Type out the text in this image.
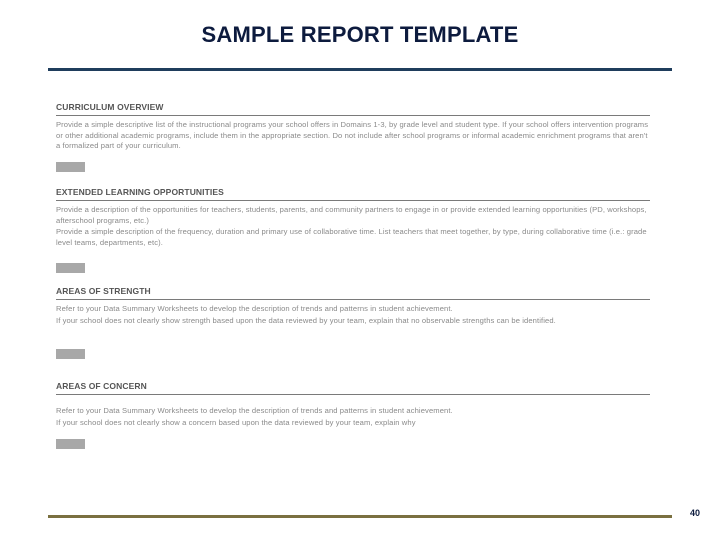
SAMPLE REPORT TEMPLATE
CURRICULUM OVERVIEW
Provide a simple descriptive list of the instructional programs your school offers in Domains 1-3, by grade level and student type. If your school offers intervention programs or other additional academic programs, include them in the appropriate section. Do not include after school programs or informal academic enrichment programs that aren't a formalized part of your curriculum.
EXTENDED LEARNING OPPORTUNITIES
Provide a description of the opportunities for teachers, students, parents, and community partners to engage in or provide extended learning opportunities (PD, workshops, afterschool programs, etc.)
Provide a simple description of the frequency, duration and primary use of collaborative time. List teachers that meet together, by type, during collaborative time (i.e.: grade level teams, departments, etc).
AREAS OF STRENGTH
Refer to your Data Summary Worksheets to develop the description of trends and patterns in student achievement.
If your school does not clearly show strength based upon the data reviewed by your team, explain that no observable strengths can be identified.
AREAS OF CONCERN
Refer to your Data Summary Worksheets to develop the description of trends and patterns in student achievement.
If your school does not clearly show a concern based upon the data reviewed by your team, explain why
40
